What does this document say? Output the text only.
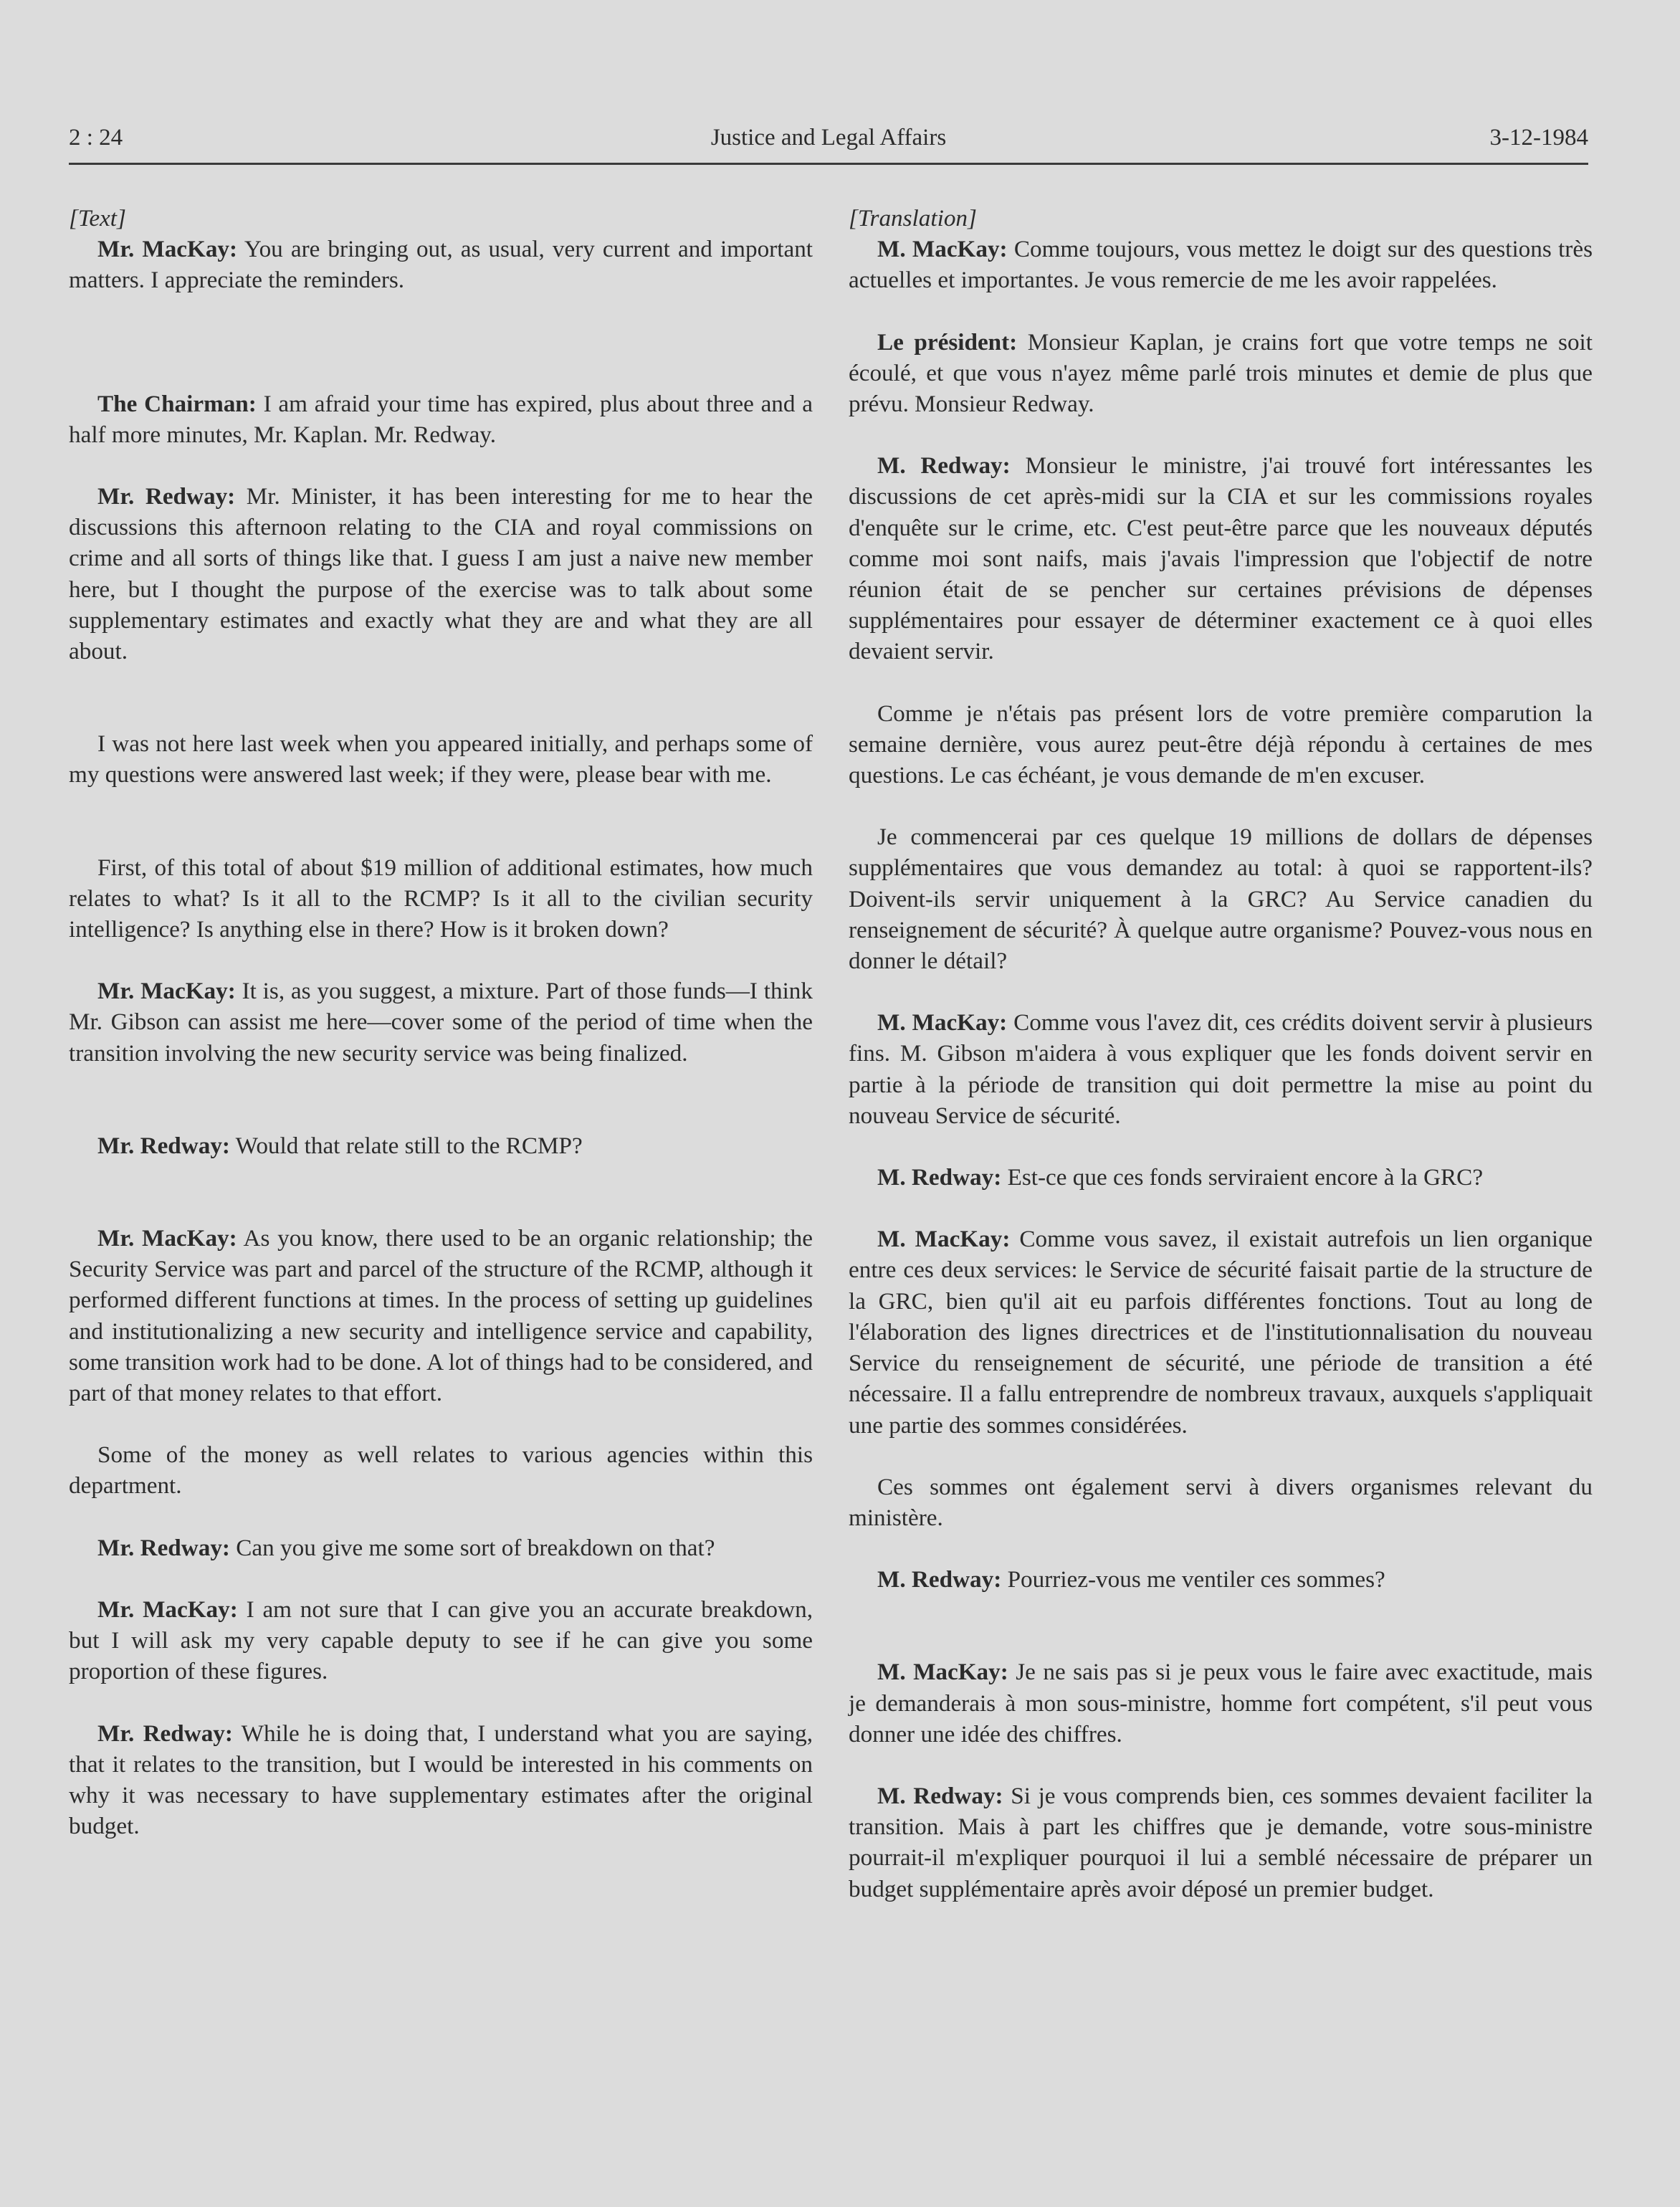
2 : 24	Justice and Legal Affairs	3-12-1984

[Text]

Mr. MacKay: You are bringing out, as usual, very current and important matters. I appreciate the reminders.

The Chairman: I am afraid your time has expired, plus about three and a half more minutes, Mr. Kaplan. Mr. Redway.

Mr. Redway: Mr. Minister, it has been interesting for me to hear the discussions this afternoon relating to the CIA and royal commissions on crime and all sorts of things like that. I guess I am just a naive new member here, but I thought the purpose of the exercise was to talk about some supplementary estimates and exactly what they are and what they are all about.

I was not here last week when you appeared initially, and perhaps some of my questions were answered last week; if they were, please bear with me.

First, of this total of about $19 million of additional estimates, how much relates to what? Is it all to the RCMP? Is it all to the civilian security intelligence? Is anything else in there? How is it broken down?

Mr. MacKay: It is, as you suggest, a mixture. Part of those funds—I think Mr. Gibson can assist me here—cover some of the period of time when the transition involving the new security service was being finalized.

Mr. Redway: Would that relate still to the RCMP?

Mr. MacKay: As you know, there used to be an organic relationship; the Security Service was part and parcel of the structure of the RCMP, although it performed different functions at times. In the process of setting up guidelines and institutionalizing a new security and intelligence service and capability, some transition work had to be done. A lot of things had to be considered, and part of that money relates to that effort.

Some of the money as well relates to various agencies within this department.

Mr. Redway: Can you give me some sort of breakdown on that?

Mr. MacKay: I am not sure that I can give you an accurate breakdown, but I will ask my very capable deputy to see if he can give you some proportion of these figures.

Mr. Redway: While he is doing that, I understand what you are saying, that it relates to the transition, but I would be interested in his comments on why it was necessary to have supplementary estimates after the original budget.

[Translation]

M. MacKay: Comme toujours, vous mettez le doigt sur des questions très actuelles et importantes. Je vous remercie de me les avoir rappelées.

Le président: Monsieur Kaplan, je crains fort que votre temps ne soit écoulé, et que vous n'ayez même parlé trois minutes et demie de plus que prévu. Monsieur Redway.

M. Redway: Monsieur le ministre, j'ai trouvé fort intéressantes les discussions de cet après-midi sur la CIA et sur les commissions royales d'enquête sur le crime, etc. C'est peut-être parce que les nouveaux députés comme moi sont naifs, mais j'avais l'impression que l'objectif de notre réunion était de se pencher sur certaines prévisions de dépenses supplémentaires pour essayer de déterminer exactement ce à quoi elles devaient servir.

Comme je n'étais pas présent lors de votre première comparution la semaine dernière, vous aurez peut-être déjà répondu à certaines de mes questions. Le cas échéant, je vous demande de m'en excuser.

Je commencerai par ces quelque 19 millions de dollars de dépenses supplémentaires que vous demandez au total: à quoi se rapportent-ils? Doivent-ils servir uniquement à la GRC? Au Service canadien du renseignement de sécurité? À quelque autre organisme? Pouvez-vous nous en donner le détail?

M. MacKay: Comme vous l'avez dit, ces crédits doivent servir à plusieurs fins. M. Gibson m'aidera à vous expliquer que les fonds doivent servir en partie à la période de transition qui doit permettre la mise au point du nouveau Service de sécurité.

M. Redway: Est-ce que ces fonds serviraient encore à la GRC?

M. MacKay: Comme vous savez, il existait autrefois un lien organique entre ces deux services: le Service de sécurité faisait partie de la structure de la GRC, bien qu'il ait eu parfois différentes fonctions. Tout au long de l'élaboration des lignes directrices et de l'institutionnalisation du nouveau Service du renseignement de sécurité, une période de transition a été nécessaire. Il a fallu entreprendre de nombreux travaux, auxquels s'appliquait une partie des sommes considérées.

Ces sommes ont également servi à divers organismes relevant du ministère.

M. Redway: Pourriez-vous me ventiler ces sommes?

M. MacKay: Je ne sais pas si je peux vous le faire avec exactitude, mais je demanderais à mon sous-ministre, homme fort compétent, s'il peut vous donner une idée des chiffres.

M. Redway: Si je vous comprends bien, ces sommes devaient faciliter la transition. Mais à part les chiffres que je demande, votre sous-ministre pourrait-il m'expliquer pourquoi il lui a semblé nécessaire de préparer un budget supplémentaire après avoir déposé un premier budget.
